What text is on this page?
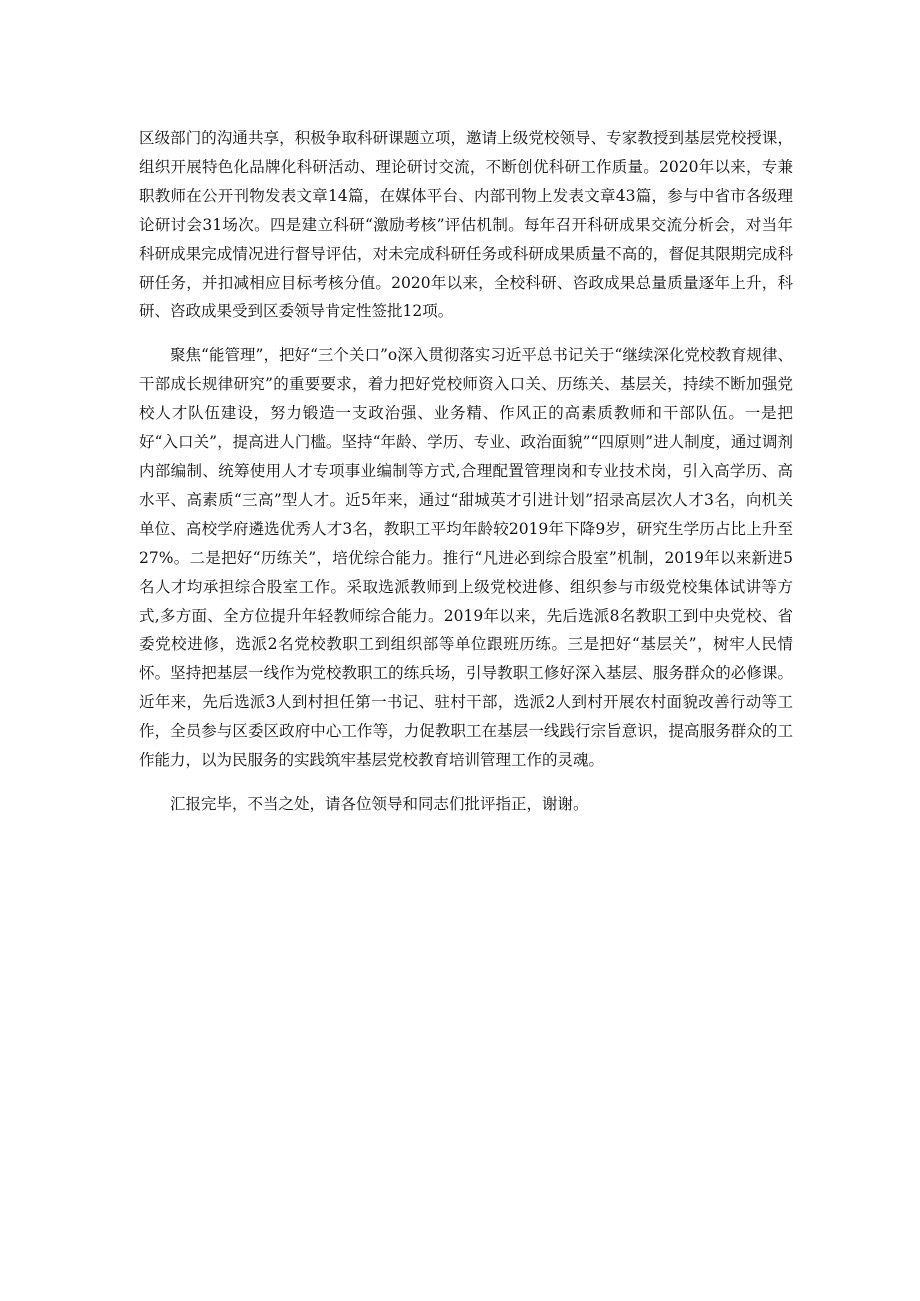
区级部门的沟通共享，积极争取科研课题立项，邀请上级党校领导、专家教授到基层党校授课，组织开展特色化品牌化科研活动、理论研讨交流，不断创优科研工作质量。2020年以来，专兼职教师在公开刊物发表文章14篇，在媒体平台、内部刊物上发表文章43篇，参与中省市各级理论研讨会31场次。四是建立科研“激励考核”评估机制。每年召开科研成果交流分析会，对当年科研成果完成情况进行督导评估，对未完成科研任务或科研成果质量不高的，督促其限期完成科研任务，并扣减相应目标考核分值。2020年以来，全校科研、咨政成果总量质量逐年上升，科研、咨政成果受到区委领导肯定性签批12项。

聚焦“能管理”，把好“三个关口”o深入贯彻落实习近平总书记关于“继续深化党校教育规律、干部成长规律研究”的重要要求，着力把好党校师资入口关、历练关、基层关，持续不断加强党校人才队伍建设，努力锻造一支政治强、业务精、作风正的高素质教师和干部队伍。一是把好“入口关”，提高进人门槛。坚持“年龄、学历、专业、政治面貌”“四原则”进人制度，通过调剂内部编制、统筹使用人才专项事业编制等方式,合理配置管理岗和专业技术岗，引入高学历、高水平、高素质“三高”型人才。近5年来，通过“甜城英才引进计划”招录高层次人才3名，向机关单位、高校学府遴选优秀人才3名，教职工平均年龄较2019年下降9岁，研究生学历占比上升至27%。二是把好“历练关”，培优综合能力。推行“凡进必到综合股室”机制，2019年以来新进5名人才均承担综合股室工作。采取选派教师到上级党校进修、组织参与市级党校集体试讲等方式,多方面、全方位提升年轻教师综合能力。2019年以来，先后选派8名教职工到中央党校、省委党校进修，选派2名党校教职工到组织部等单位跟班历练。三是把好“基层关”，树牢人民情怀。坚持把基层一线作为党校教职工的练兵场，引导教职工修好深入基层、服务群众的必修课。近年来，先后选派3人到村担任第一书记、驻村干部，选派2人到村开展农村面貌改善行动等工作，全员参与区委区政府中心工作等，力促教职工在基层一线践行宗旨意识，提高服务群众的工作能力，以为民服务的实践筑牢基层党校教育培训管理工作的灵魂。

汇报完毕，不当之处，请各位领导和同志们批评指正，谢谢。
